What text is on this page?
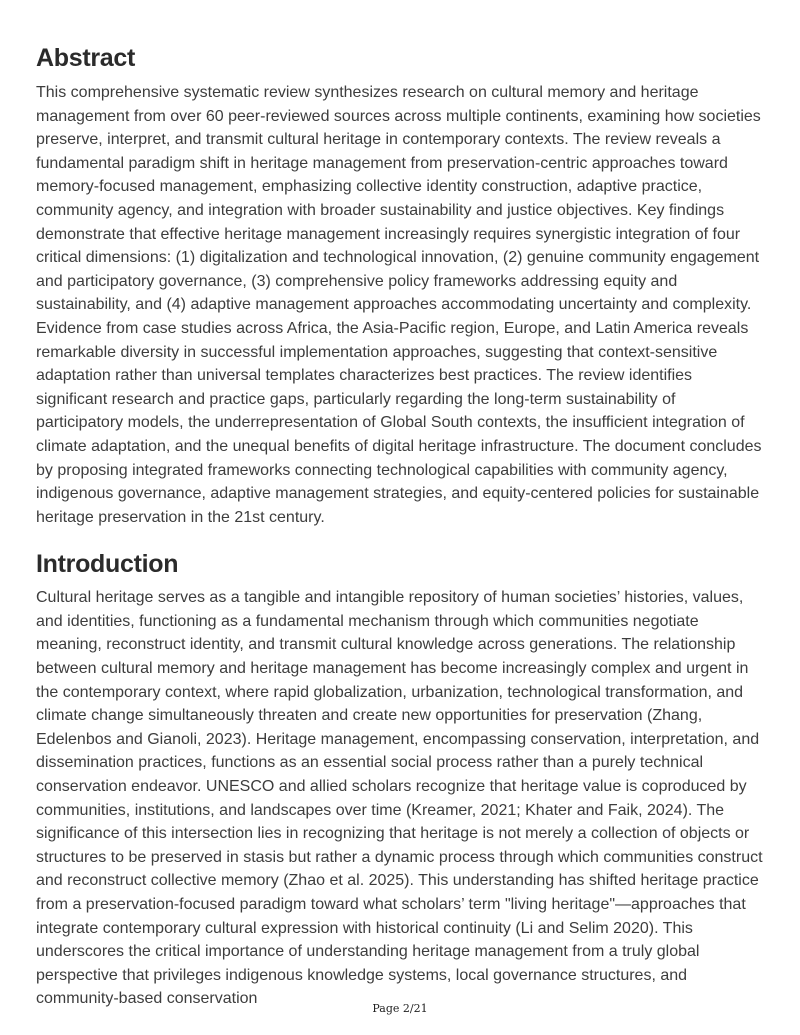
Abstract

This comprehensive systematic review synthesizes research on cultural memory and heritage management from over 60 peer-reviewed sources across multiple continents, examining how societies preserve, interpret, and transmit cultural heritage in contemporary contexts. The review reveals a fundamental paradigm shift in heritage management from preservation-centric approaches toward memory-focused management, emphasizing collective identity construction, adaptive practice, community agency, and integration with broader sustainability and justice objectives. Key findings demonstrate that effective heritage management increasingly requires synergistic integration of four critical dimensions: (1) digitalization and technological innovation, (2) genuine community engagement and participatory governance, (3) comprehensive policy frameworks addressing equity and sustainability, and (4) adaptive management approaches accommodating uncertainty and complexity. Evidence from case studies across Africa, the Asia-Pacific region, Europe, and Latin America reveals remarkable diversity in successful implementation approaches, suggesting that context-sensitive adaptation rather than universal templates characterizes best practices. The review identifies significant research and practice gaps, particularly regarding the long-term sustainability of participatory models, the underrepresentation of Global South contexts, the insufficient integration of climate adaptation, and the unequal benefits of digital heritage infrastructure. The document concludes by proposing integrated frameworks connecting technological capabilities with community agency, indigenous governance, adaptive management strategies, and equity-centered policies for sustainable heritage preservation in the 21st century.

Introduction

Cultural heritage serves as a tangible and intangible repository of human societies’ histories, values, and identities, functioning as a fundamental mechanism through which communities negotiate meaning, reconstruct identity, and transmit cultural knowledge across generations. The relationship between cultural memory and heritage management has become increasingly complex and urgent in the contemporary context, where rapid globalization, urbanization, technological transformation, and climate change simultaneously threaten and create new opportunities for preservation (Zhang, Edelenbos and Gianoli, 2023). Heritage management, encompassing conservation, interpretation, and dissemination practices, functions as an essential social process rather than a purely technical conservation endeavor. UNESCO and allied scholars recognize that heritage value is coproduced by communities, institutions, and landscapes over time (Kreamer, 2021; Khater and Faik, 2024). The significance of this intersection lies in recognizing that heritage is not merely a collection of objects or structures to be preserved in stasis but rather a dynamic process through which communities construct and reconstruct collective memory (Zhao et al. 2025). This understanding has shifted heritage practice from a preservation-focused paradigm toward what scholars’ term "living heritage"—approaches that integrate contemporary cultural expression with historical continuity (Li and Selim 2020). This underscores the critical importance of understanding heritage management from a truly global perspective that privileges indigenous knowledge systems, local governance structures, and community-based conservation

Page 2/21
